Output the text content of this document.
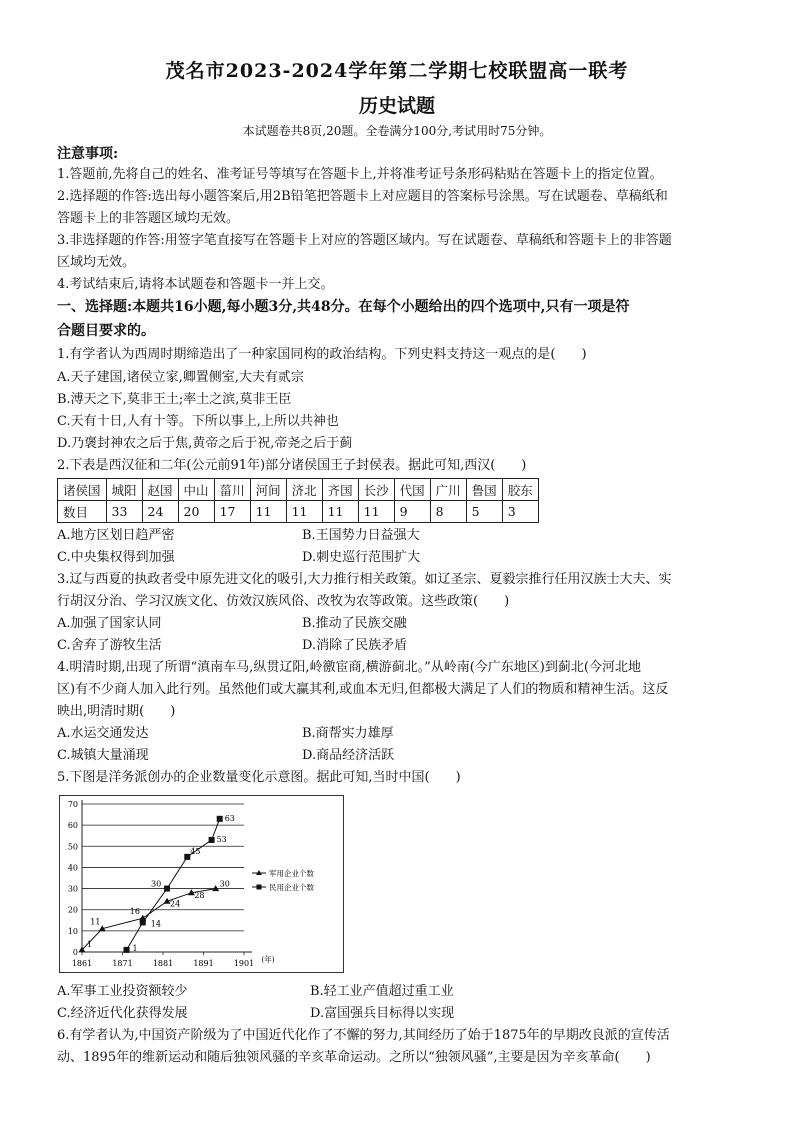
茂名市2023-2024学年第二学期七校联盟高一联考
历史试题
本试题卷共8页,20题。全卷满分100分,考试用时75分钟。
注意事项:
1.答题前,先将自己的姓名、准考证号等填写在答题卡上,并将准考证号条形码粘贴在答题卡上的指定位置。
2.选择题的作答:选出每小题答案后,用2B铅笔把答题卡上对应题目的答案标号涂黑。写在试题卷、草稿纸和
答题卡上的非答题区域均无效。
3.非选择题的作答:用签字笔直接写在答题卡上对应的答题区域内。写在试题卷、草稿纸和答题卡上的非答题
区域均无效。
4.考试结束后,请将本试题卷和答题卡一并上交。
一、选择题:本题共16小题,每小题3分,共48分。在每个小题给出的四个选项中,只有一项是符
合题目要求的。
1.有学者认为西周时期缔造出了一种家国同构的政治结构。下列史料支持这一观点的是(　　)
A.天子建国,诸侯立家,卿置侧室,大夫有贰宗
B.溥天之下,莫非王土;率土之滨,莫非王臣
C.天有十日,人有十等。下所以事上,上所以共神也
D.乃褒封神农之后于焦,黄帝之后于祝,帝尧之后于蓟
2.下表是西汉征和二年(公元前91年)部分诸侯国王子封侯表。据此可知,西汉(　　)
诸侯国	城阳	赵国	中山	菑川	河间	济北	齐国	长沙	代国	广川	鲁国	胶东
数目	33	24	20	17	11	11	11	11	9	8	5	3
A.地方区划日趋严密	B.王国势力日益强大
C.中央集权得到加强	D.刺史巡行范围扩大
3.辽与西夏的执政者受中原先进文化的吸引,大力推行相关政策。如辽圣宗、夏毅宗推行任用汉族士大夫、实
行胡汉分治、学习汉族文化、仿效汉族风俗、改牧为农等政策。这些政策(　　)
A.加强了国家认同	B.推动了民族交融
C.舍弃了游牧生活	D.消除了民族矛盾
4.明清时期,出现了所谓“滇南车马,纵贯辽阳,岭徼宦商,横游蓟北。”从岭南(今广东地区)到蓟北(今河北地
区)有不少商人加入此行列。虽然他们或大赢其利,或血本无归,但都极大满足了人们的物质和精神生活。这反
映出,明清时期(　　)
A.水运交通发达	B.商帮实力雄厚
C.城镇大量涌现	D.商品经济活跃
5.下图是洋务派创办的企业数量变化示意图。据此可知,当时中国(　　)
0
10
20
30
40
50
60
70
1861	1871	1881	1891	1901 (年)
1
11
16
24
28
30
1
14
30
45
53
63
军用企业个数
民用企业个数
A.军事工业投资额较少	B.轻工业产值超过重工业
C.经济近代化获得发展	D.富国强兵目标得以实现
6.有学者认为,中国资产阶级为了中国近代化作了不懈的努力,其间经历了始于1875年的早期改良派的宣传活
动、1895年的维新运动和随后独领风骚的辛亥革命运动。之所以“独领风骚”,主要是因为辛亥革命(　　)
